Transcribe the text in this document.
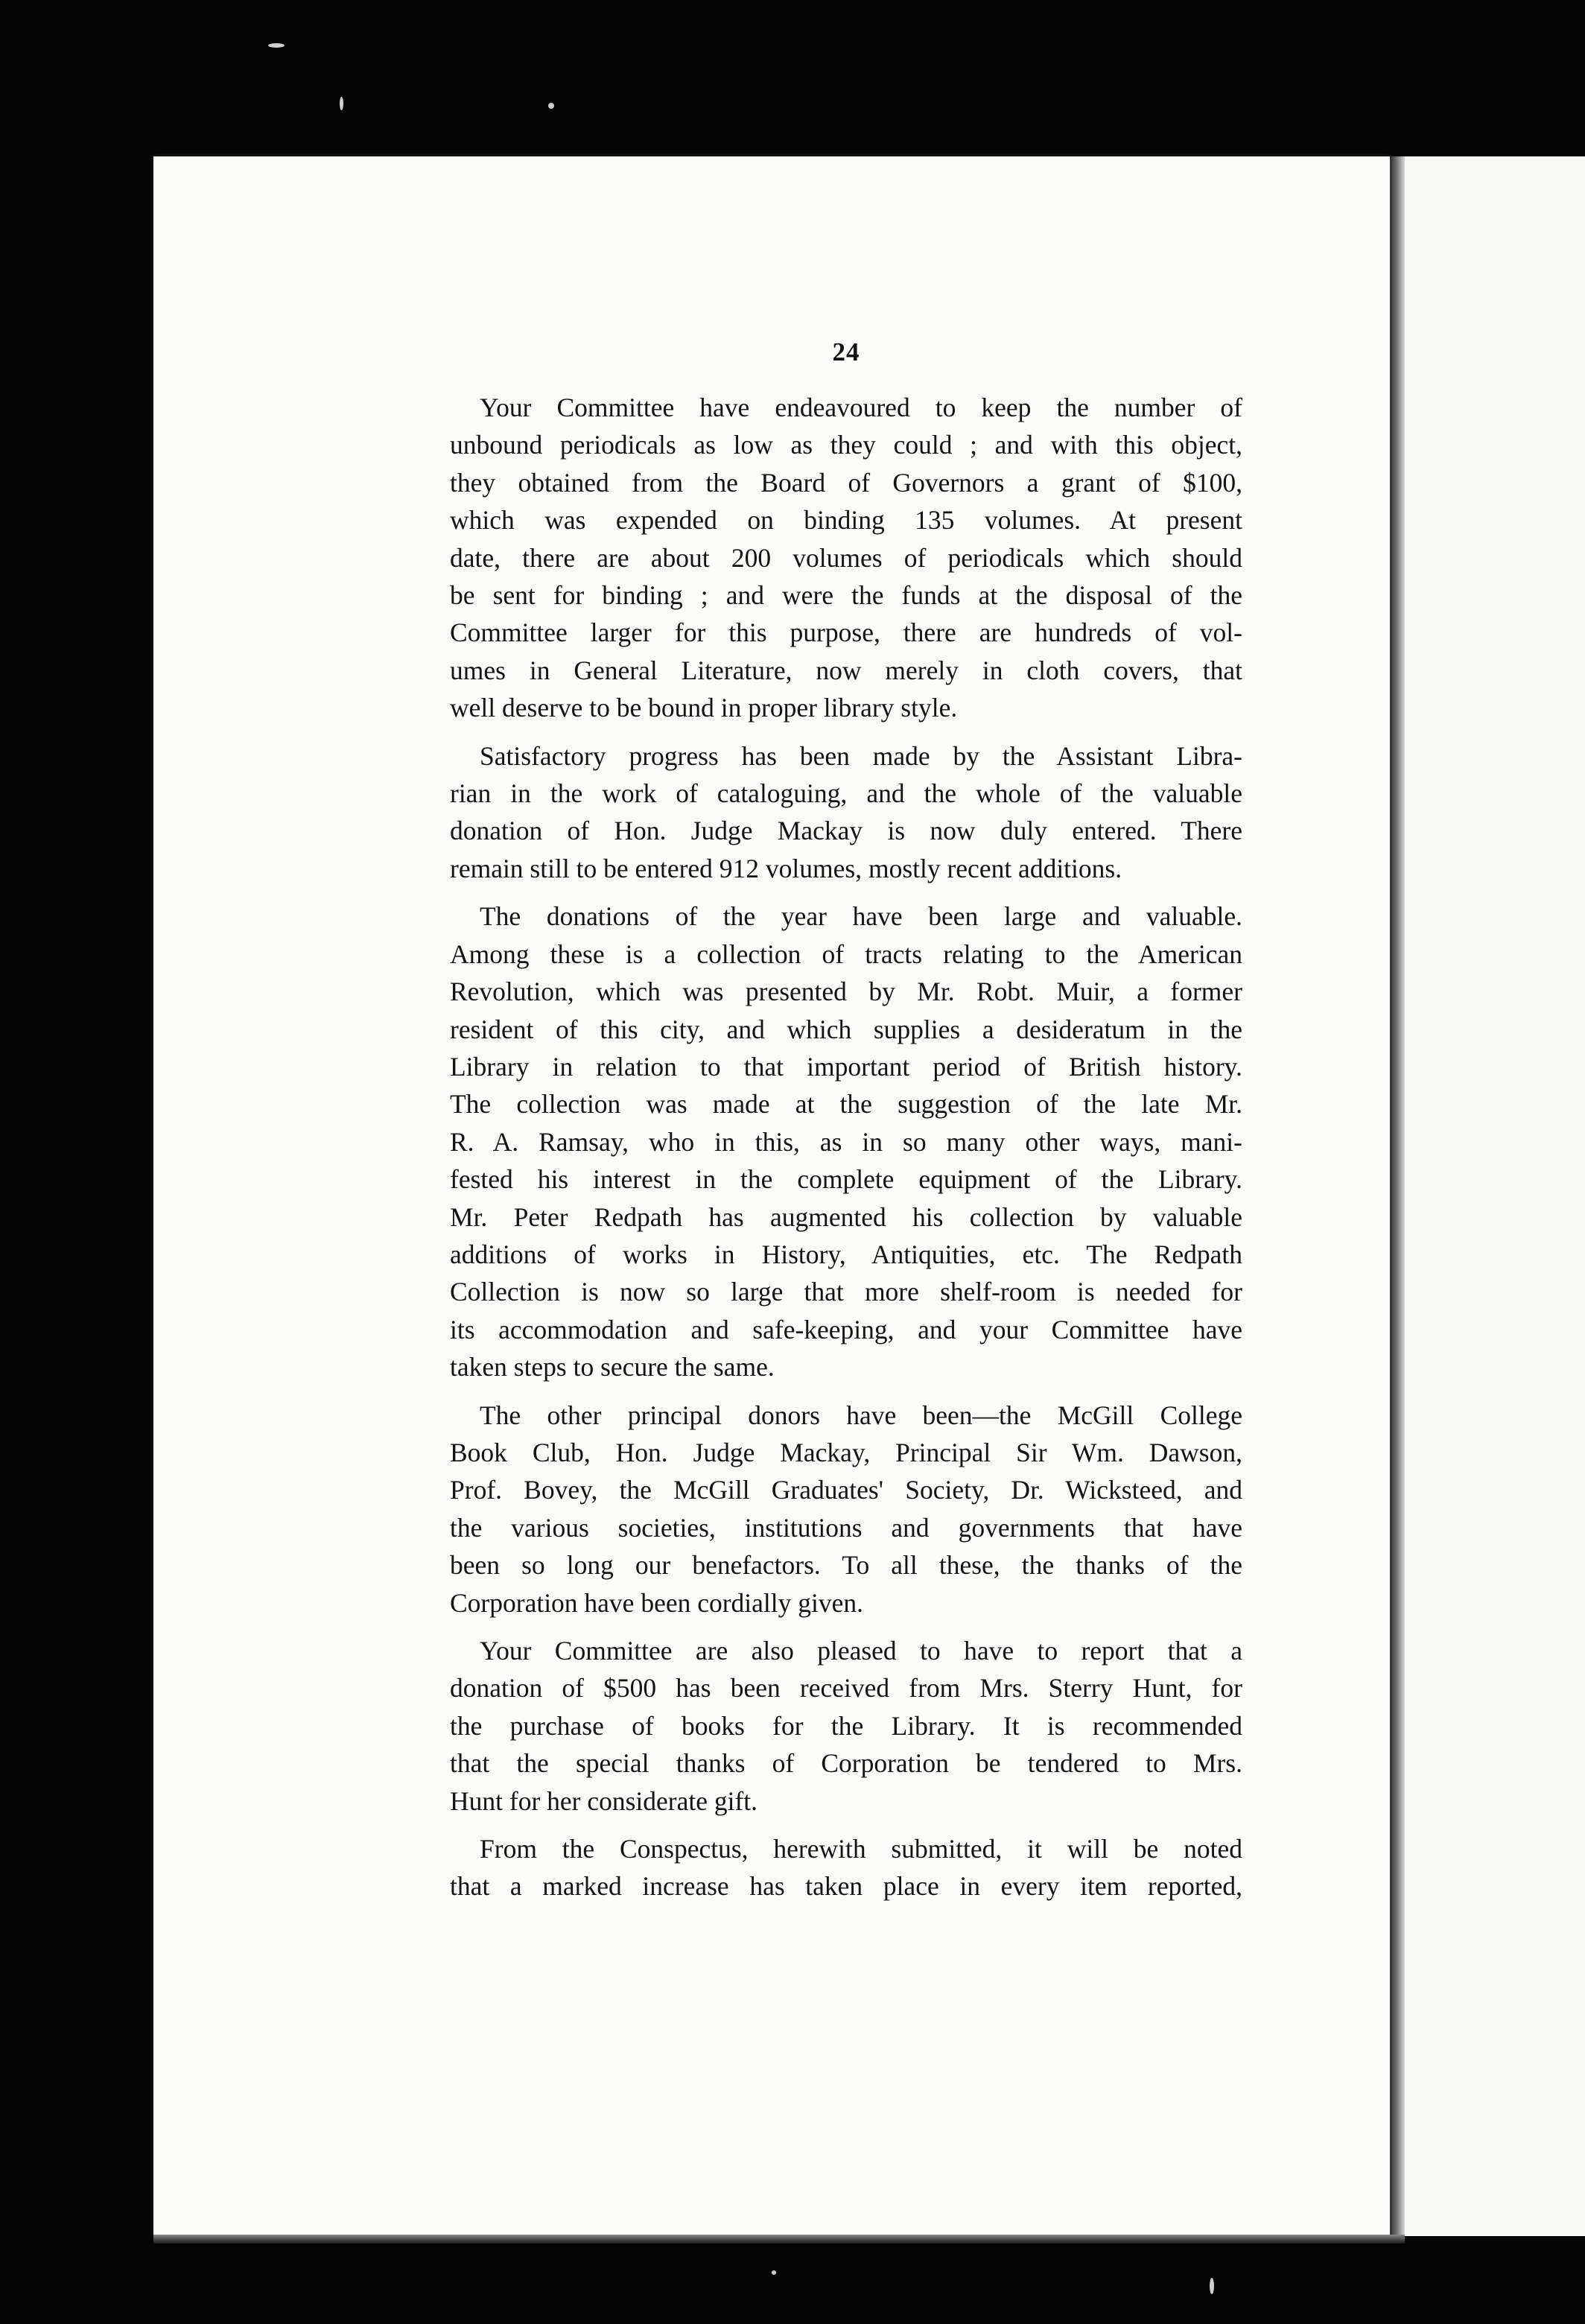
24
Your Committee have endeavoured to keep the number of
unbound periodicals as low as they could ; and with this object,
they obtained from the Board of Governors a grant of $100,
which was expended on binding 135 volumes. At present
date, there are about 200 volumes of periodicals which should
be sent for binding ; and were the funds at the disposal of the
Committee larger for this purpose, there are hundreds of vol-
umes in General Literature, now merely in cloth covers, that
well deserve to be bound in proper library style.
Satisfactory progress has been made by the Assistant Libra-
rian in the work of cataloguing, and the whole of the valuable
donation of Hon. Judge Mackay is now duly entered. There
remain still to be entered 912 volumes, mostly recent additions.
The donations of the year have been large and valuable.
Among these is a collection of tracts relating to the American
Revolution, which was presented by Mr. Robt. Muir, a former
resident of this city, and which supplies a desideratum in the
Library in relation to that important period of British history.
The collection was made at the suggestion of the late Mr.
R. A. Ramsay, who in this, as in so many other ways, mani-
fested his interest in the complete equipment of the Library.
Mr. Peter Redpath has augmented his collection by valuable
additions of works in History, Antiquities, etc. The Redpath
Collection is now so large that more shelf-room is needed for
its accommodation and safe-keeping, and your Committee have
taken steps to secure the same.
The other principal donors have been—the McGill College
Book Club, Hon. Judge Mackay, Principal Sir Wm. Dawson,
Prof. Bovey, the McGill Graduates' Society, Dr. Wicksteed, and
the various societies, institutions and governments that have
been so long our benefactors. To all these, the thanks of the
Corporation have been cordially given.
Your Committee are also pleased to have to report that a
donation of $500 has been received from Mrs. Sterry Hunt, for
the purchase of books for the Library. It is recommended
that the special thanks of Corporation be tendered to Mrs.
Hunt for her considerate gift.
From the Conspectus, herewith submitted, it will be noted
that a marked increase has taken place in every item reported,
